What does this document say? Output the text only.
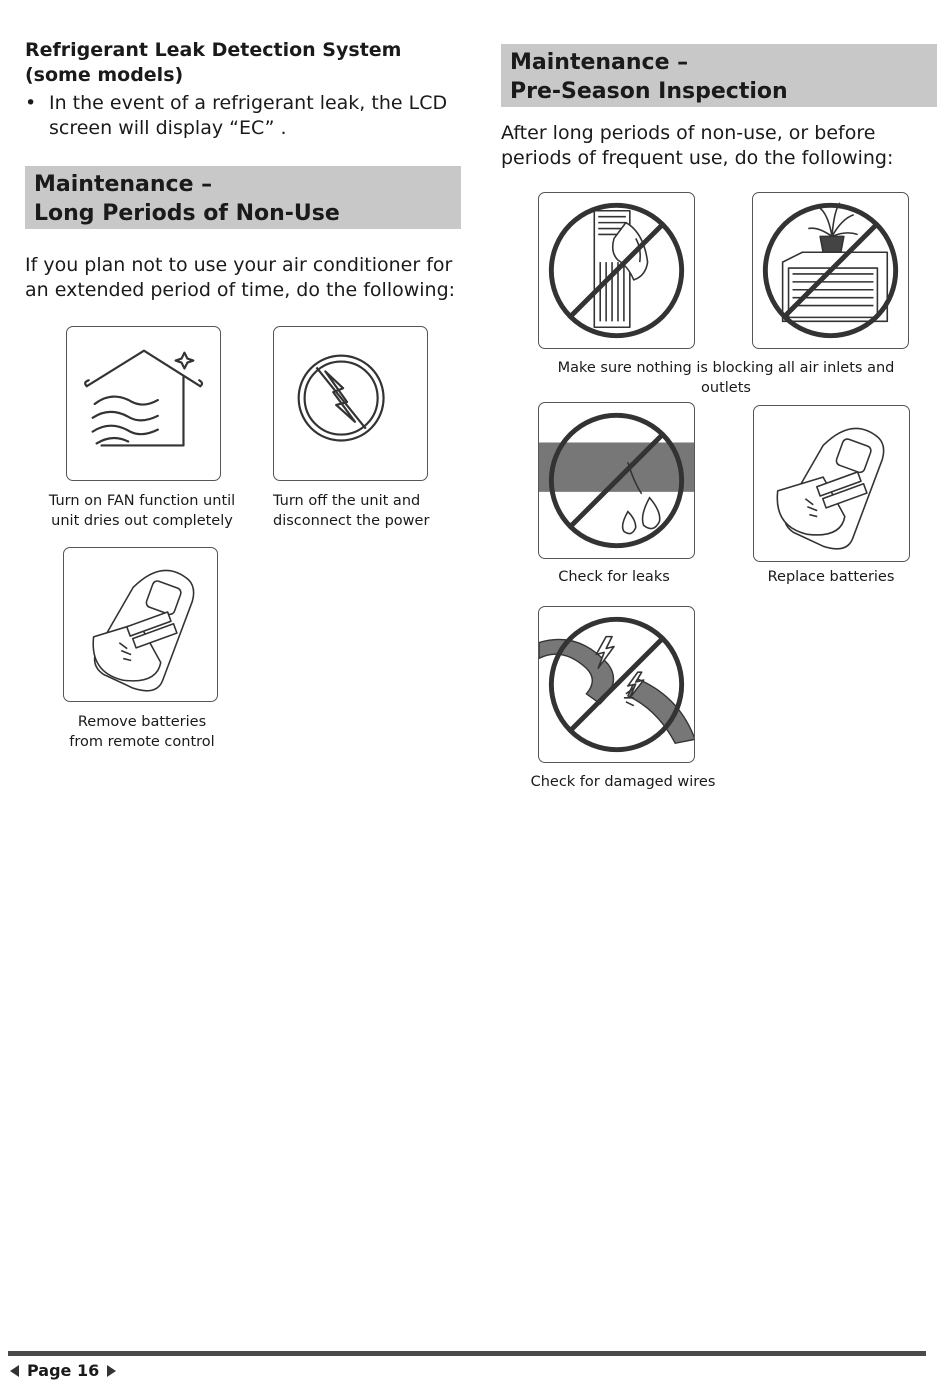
Refrigerant Leak Detection System (some models)

• In the event of a refrigerant leak, the LCD screen will display “EC” .
Maintenance –
Long Periods of Non-Use
If you plan not to use your air conditioner for an extended period of time, do the following:
Turn on FAN function until
unit dries out completely
Turn off the unit and
disconnect the power
Remove batteries
from remote control
Maintenance –
Pre-Season Inspection
After long periods of non-use, or before periods of frequent use, do the following:
Make sure nothing is blocking all air inlets and outlets
Check for leaks	Replace batteries
Check for damaged wires
Page 16
